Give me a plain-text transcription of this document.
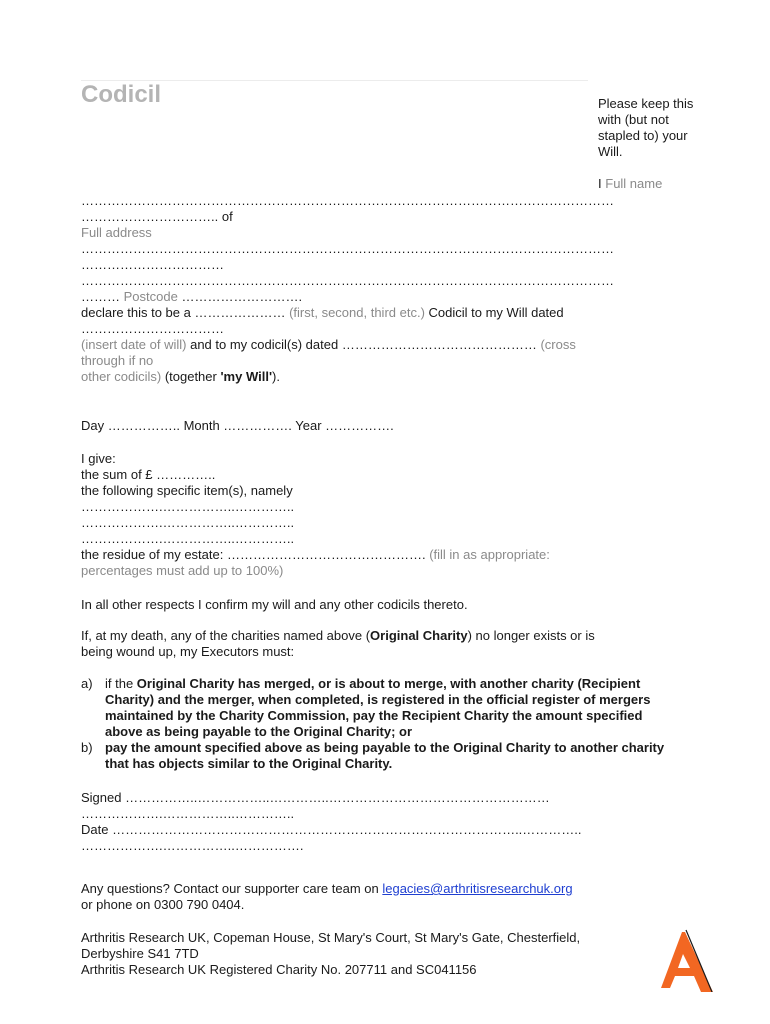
Codicil	Please keep this with (but not stapled to) your Will.
I Full name
……………………………………………………………………………………………………………
………………………….. of
Full address
……………………………………………………………………………………………………………
……………………………
……………………………………………………………………………………………………………
……… Postcode ……………………….
declare this to be a ………………… (first, second, third etc.) Codicil to my Will dated
……………………………
(insert date of will) and to my codicil(s) dated ……………………………………… (cross
through if no
other codicils) (together 'my Will').
Day …………….. Month ……………. Year …………….
I give:
the sum of £ …………..
the following specific item(s), namely
……………….……………..…………..
……………….……………..…………..
……………….……………..…………..
the residue of my estate: ………………………………………. (fill in as appropriate:
percentages must add up to 100%)
In all other respects I confirm my will and any other codicils thereto.
If, at my death, any of the charities named above (Original Charity) no longer exists or is
being wound up, my Executors must:
a) if the Original Charity has merged, or is about to merge, with another charity (Recipient Charity) and the merger, when completed, is registered in the official register of mergers maintained by the Charity Commission, pay the Recipient Charity the amount specified above as being payable to the Original Charity; or
b) pay the amount specified above as being payable to the Original Charity to another charity that has objects similar to the Original Charity.
Signed ……………..……………..…………..……………………………………………
……………….……………..…………..
Date …………………………………………………………………………………..…………..
……………….……………..…………….
Any questions? Contact our supporter care team on legacies@arthritisresearchuk.org
or phone on 0300 790 0404.
Arthritis Research UK, Copeman House, St Mary's Court, St Mary's Gate, Chesterfield,
Derbyshire S41 7TD
Arthritis Research UK Registered Charity No. 207711 and SC041156
